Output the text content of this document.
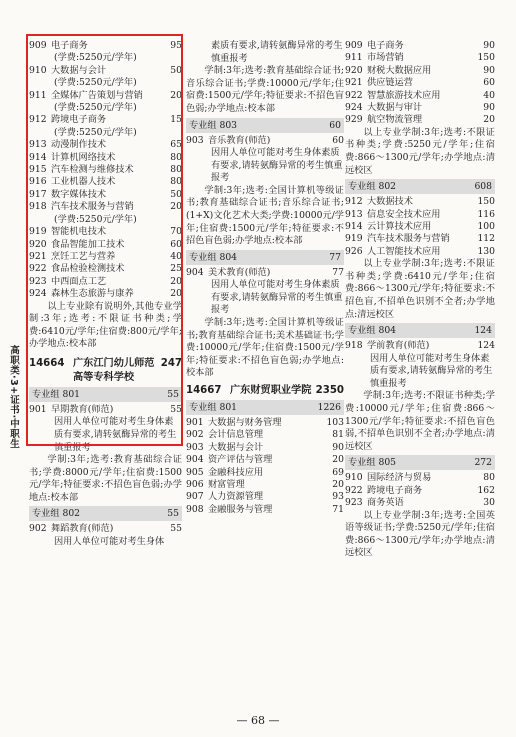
高职类·3+证书·中职生
909 电子商务	95
(学费:5250元/学年)
910 大数据与会计	50
(学费:5250元/学年)
911 全媒体广告策划与营销	20
(学费:5250元/学年)
912 跨境电子商务	15
(学费:5250元/学年)
913 动漫制作技术	65
914 计算机网络技术	80
915 汽车检测与维修技术	80
916 工业机器人技术	80
917 数字媒体技术	50
918 汽车技术服务与营销	20
(学费:5250元/学年)
919 智能机电技术	70
920 食品智能加工技术	60
921 烹饪工艺与营养	40
922 食品检验检测技术	25
923 中西面点工艺	20
924 森林生态旅游与康养	20
以上专业除有说明外,其他专业学制:3年;选考:不限证书种类;学费:6410元/学年;住宿费:800元/学年;办学地点:校本部
14664 广东江门幼儿师范高等专科学校
247
专业组 801	55
901 早期教育(师范)	55
因用人单位可能对考生身体素质有要求,请转氨酶异常的考生慎重报考
学制:3年;选考:教育基础综合证书;学费:8000元/学年;住宿费:1500元/学年;特征要求:不招色盲色弱;办学地点:校本部
专业组 802	55
902 舞蹈教育(师范)	55
因用人单位可能对考生身体
素质有要求,请转氨酶异常的考生慎重报考
学制:3年;选考:教育基础综合证书;音乐综合证书;学费:10000元/学年;住宿费:1500元/学年;特征要求:不招色盲色弱;办学地点:校本部
专业组 803	60
903 音乐教育(师范)	60
因用人单位可能对考生身体素质有要求,请转氨酶异常的考生慎重报考
学制:3年;选考:全国计算机等级证书;教育基础综合证书;音乐综合证书;(1+X)文化艺术大类;学费:10000元/学年;住宿费:1500元/学年;特征要求:不招色盲色弱;办学地点:校本部
专业组 804	77
904 美术教育(师范)	77
因用人单位可能对考生身体素质有要求,请转氨酶异常的考生慎重报考
学制:3年;选考:全国计算机等级证书;教育基础综合证书;美术基础证书;学费:10000元/学年;住宿费:1500元/学年;特征要求:不招色盲色弱;办学地点:校本部
14667 广东财贸职业学院 2350
专业组 801	1226
901 大数据与财务管理	103
902 会计信息管理	81
903 大数据与会计	90
904 资产评估与管理	20
905 金融科技应用	69
906 财富管理	20
907 人力资源管理	93
908 金融服务与管理	71
909 电子商务	90
911 市场营销	150
920 财税大数据应用	90
921 供应链运营	60
922 智慧旅游技术应用	40
924 大数据与审计	90
929 航空物流管理	20
以上专业学制:3年;选考:不限证书种类;学费:5250元/学年;住宿费:866～1300元/学年;办学地点:清远校区
专业组 802	608
912 大数据技术	150
913 信息安全技术应用	116
914 云计算技术应用	100
919 汽车技术服务与营销	112
926 人工智能技术应用	130
以上专业学制:3年;选考:不限证书种类;学费:6410元/学年;住宿费:866～1300元/学年;特征要求:不招色盲,不招单色识别不全者;办学地点:清远校区
专业组 804	124
918 学前教育(师范)	124
因用人单位可能对考生身体素质有要求,请转氨酶异常的考生慎重报考
学制:3年;选考:不限证书种类;学费:10000元/学年;住宿费:866～1300元/学年;特征要求:不招色盲色弱,不招单色识别不全者;办学地点:清远校区
专业组 805	272
910 国际经济与贸易	80
922 跨境电子商务	162
923 商务英语	30
以上专业学制:3年;选考:全国英语等级证书;学费:5250元/学年;住宿费:866～1300元/学年;办学地点:清远校区
— 68 —
